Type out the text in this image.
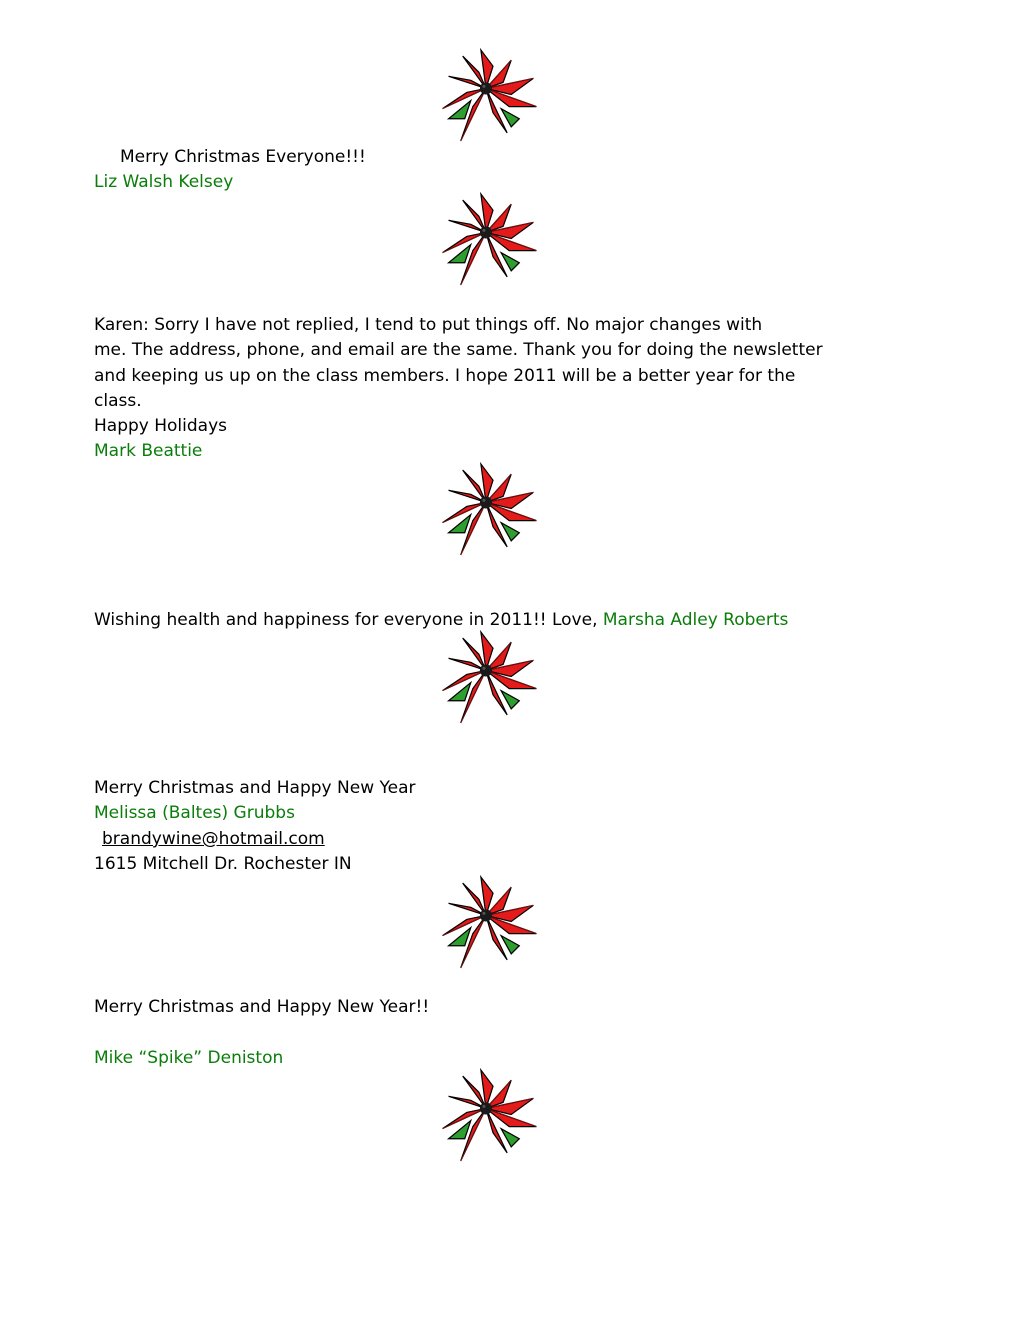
Merry Christmas Everyone!!!
Liz Walsh Kelsey
Karen: Sorry I have not replied, I tend to put things off. No major changes with
me. The address, phone, and email are the same. Thank you for doing the newsletter
and keeping us up on the class members. I hope 2011 will be a better year for the
class.
Happy Holidays
Mark Beattie
Wishing health and happiness for everyone in 2011!! Love, Marsha Adley Roberts
Merry Christmas and Happy New Year
Melissa (Baltes) Grubbs
brandywine@hotmail.com
1615 Mitchell Dr. Rochester IN
Merry Christmas and Happy New Year!!
Mike “Spike” Deniston
